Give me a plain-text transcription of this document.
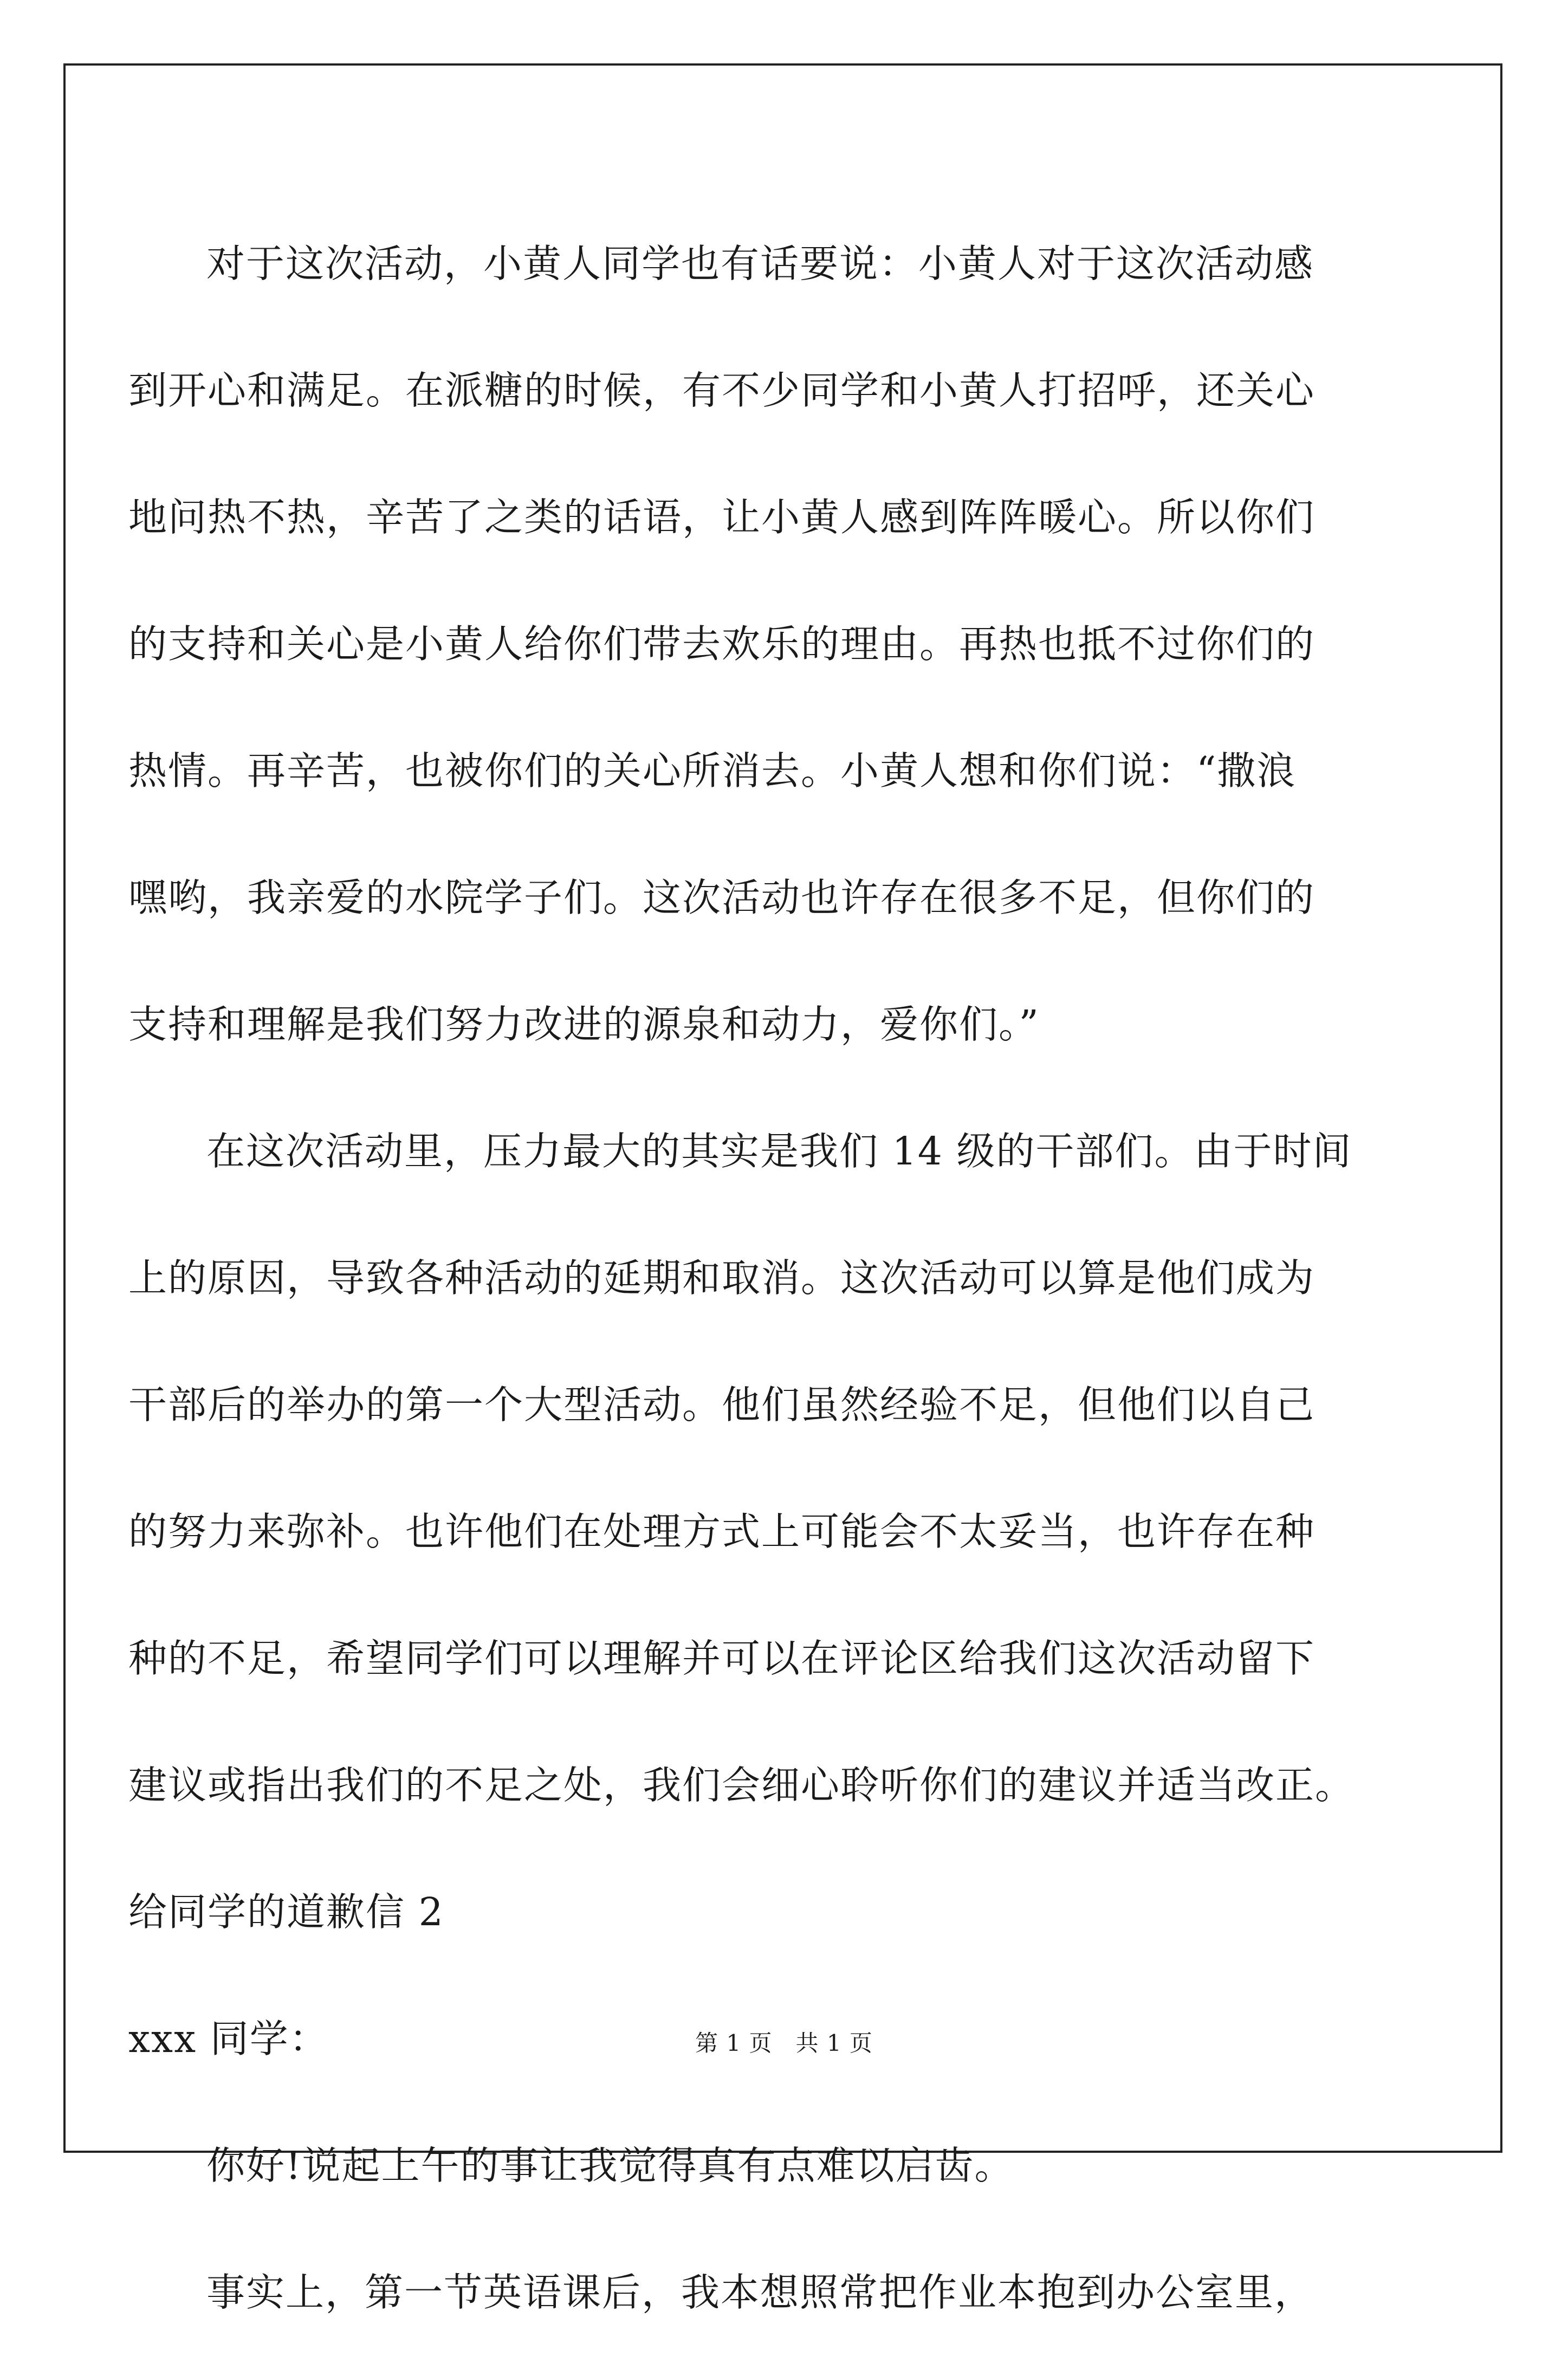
对于这次活动，小黄人同学也有话要说：小黄人对于这次活动感
到开心和满足。在派糖的时候，有不少同学和小黄人打招呼，还关心
地问热不热，辛苦了之类的话语，让小黄人感到阵阵暖心。所以你们
的支持和关心是小黄人给你们带去欢乐的理由。再热也抵不过你们的
热情。再辛苦，也被你们的关心所消去。小黄人想和你们说：“撒浪
嘿哟，我亲爱的水院学子们。这次活动也许存在很多不足，但你们的
支持和理解是我们努力改进的源泉和动力，爱你们。”
在这次活动里，压力最大的其实是我们 14 级的干部们。由于时间
上的原因，导致各种活动的延期和取消。这次活动可以算是他们成为
干部后的举办的第一个大型活动。他们虽然经验不足，但他们以自己
的努力来弥补。也许他们在处理方式上可能会不太妥当，也许存在种
种的不足，希望同学们可以理解并可以在评论区给我们这次活动留下
建议或指出我们的不足之处，我们会细心聆听你们的建议并适当改正。
给同学的道歉信 2
xxx 同学：
你好!说起上午的事让我觉得真有点难以启齿。
事实上，第一节英语课后，我本想照常把作业本抱到办公室里，
第 1 页　共 1 页
